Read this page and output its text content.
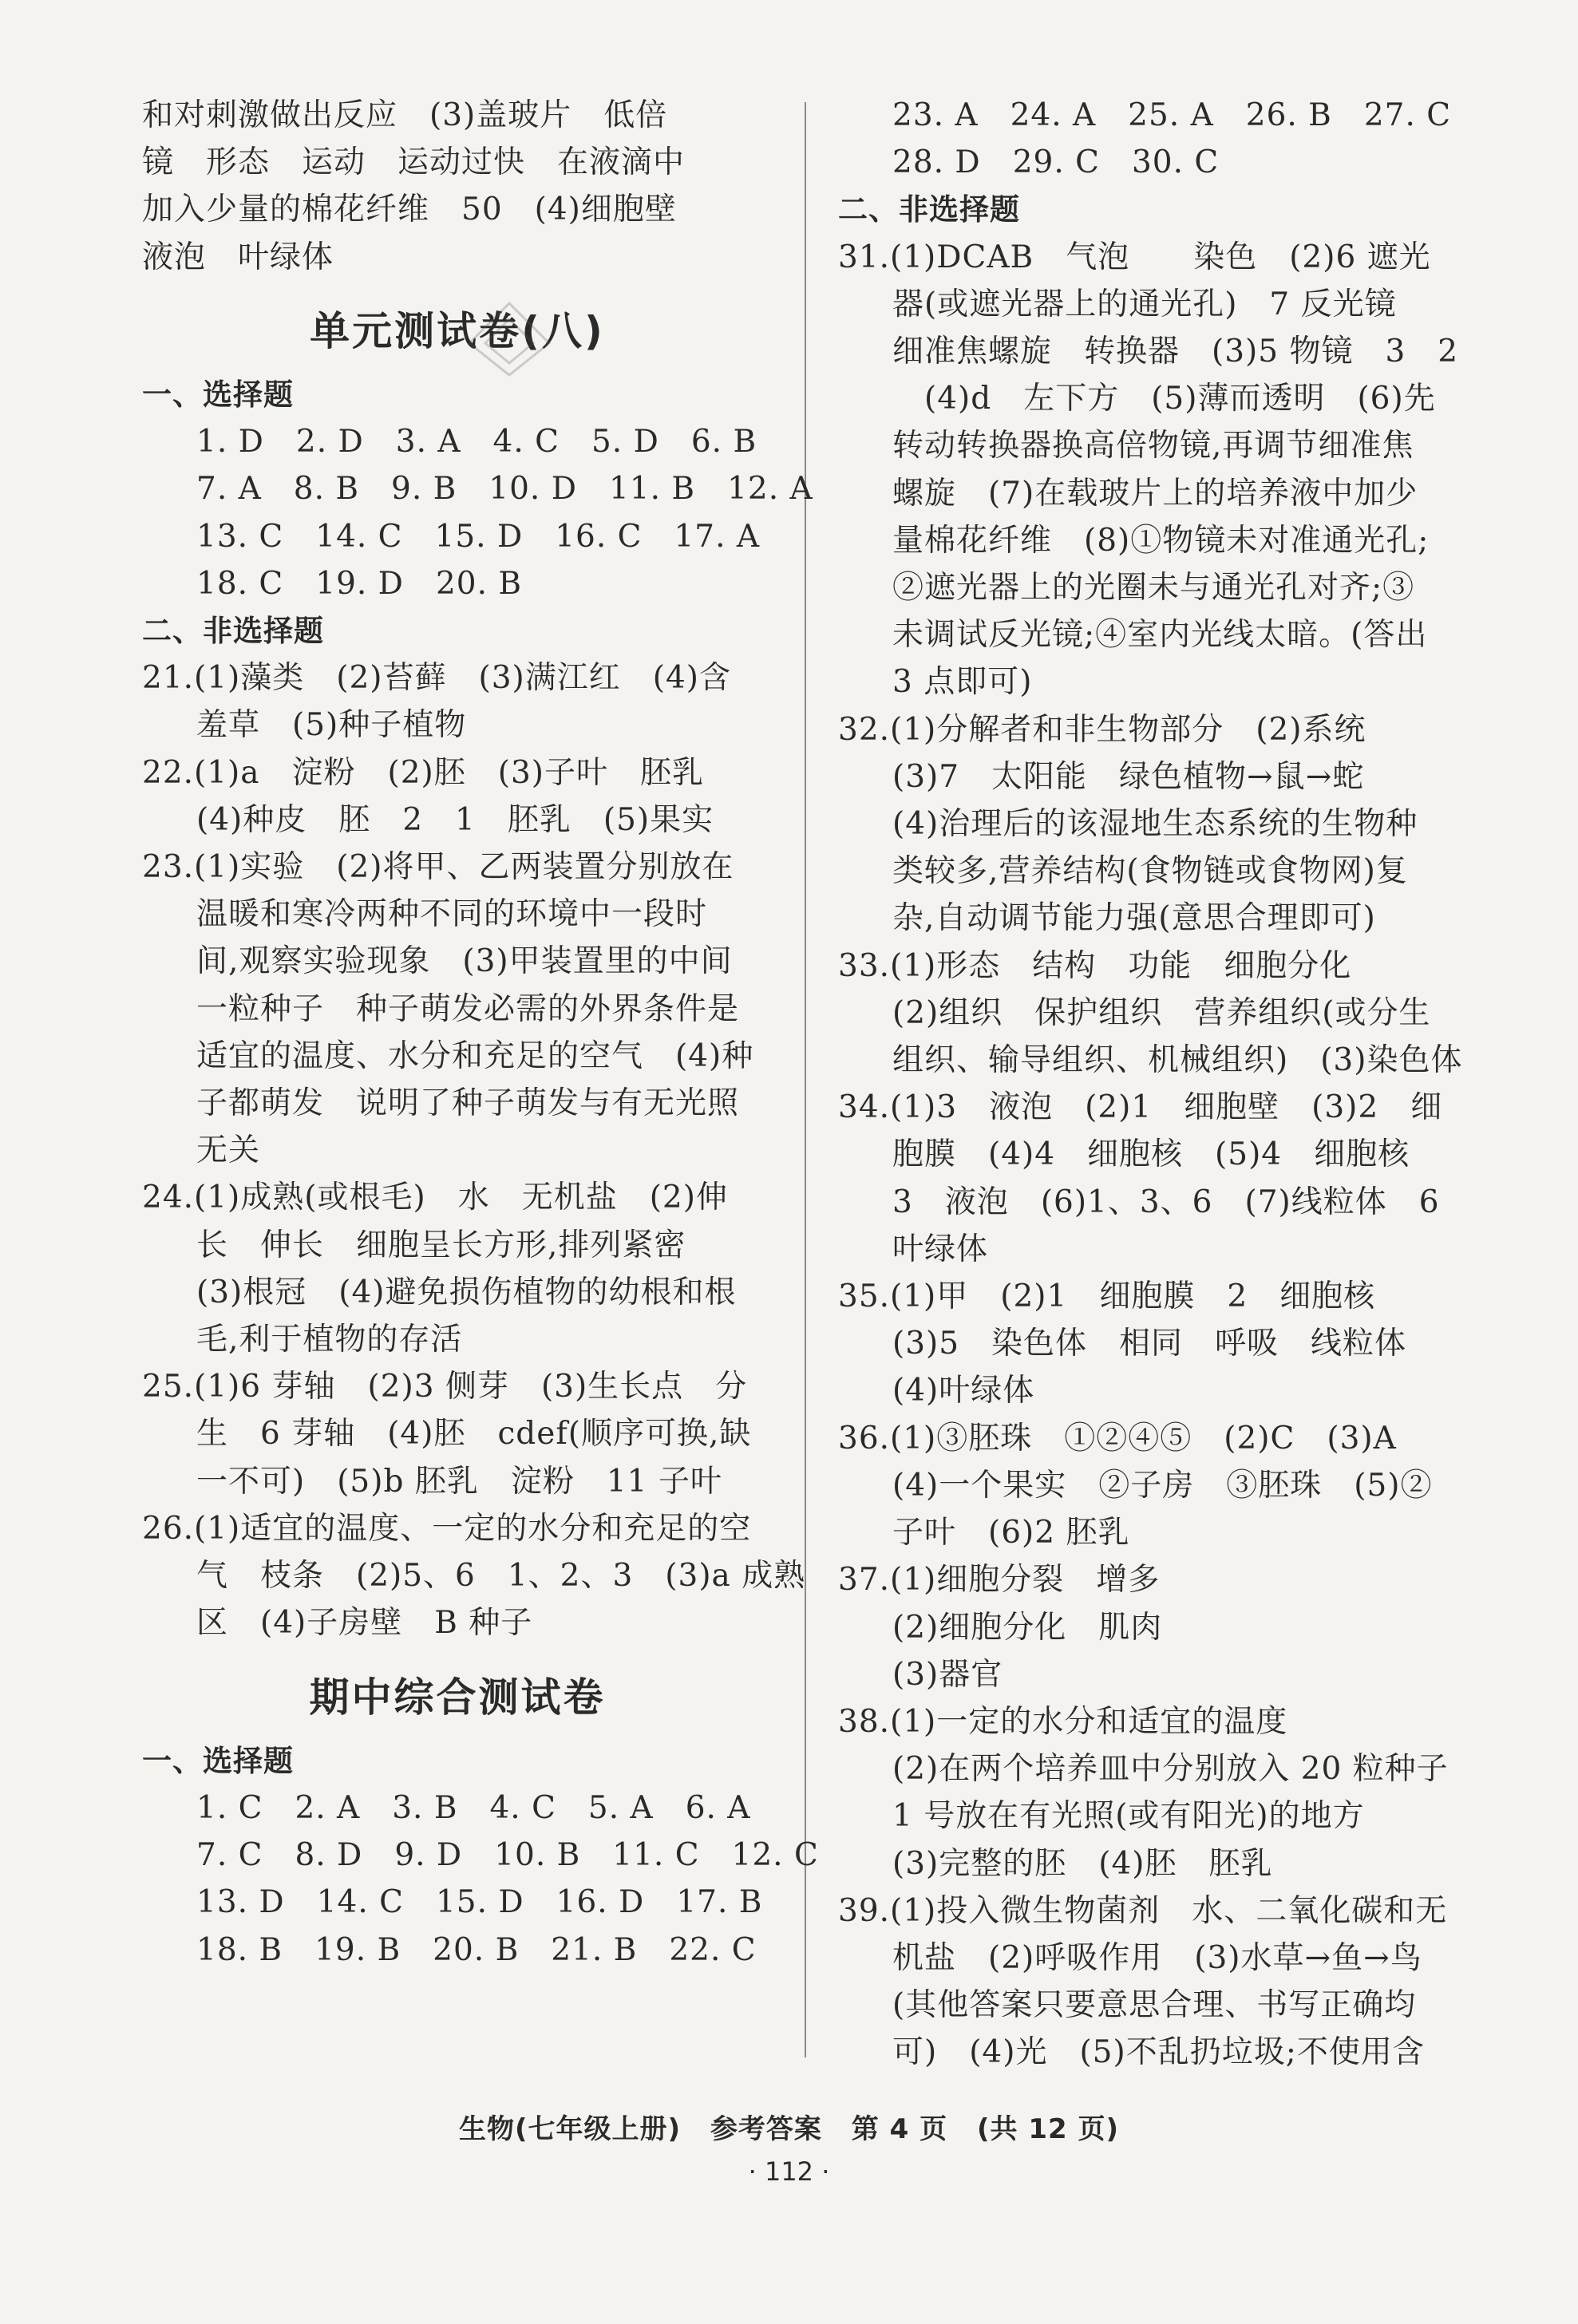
和对刺激做出反应　(3)盖玻片　低倍
镜　形态　运动　运动过快　在液滴中
加入少量的棉花纤维　50　(4)细胞壁
液泡　叶绿体
单元测试卷(八)
一、选择题
1. D　2. D　3. A　4. C　5. D　6. B
7. A　8. B　9. B　10. D　11. B　12. A
13. C　14. C　15. D　16. C　17. A
18. C　19. D　20. B
二、非选择题
21.(1)藻类　(2)苔藓　(3)满江红　(4)含
羞草　(5)种子植物
22.(1)a　淀粉　(2)胚　(3)子叶　胚乳
(4)种皮　胚　2　1　胚乳　(5)果实
23.(1)实验　(2)将甲、乙两装置分别放在
温暖和寒冷两种不同的环境中一段时
间,观察实验现象　(3)甲装置里的中间
一粒种子　种子萌发必需的外界条件是
适宜的温度、水分和充足的空气　(4)种
子都萌发　说明了种子萌发与有无光照
无关
24.(1)成熟(或根毛)　水　无机盐　(2)伸
长　伸长　细胞呈长方形,排列紧密
(3)根冠　(4)避免损伤植物的幼根和根
毛,利于植物的存活
25.(1)6 芽轴　(2)3 侧芽　(3)生长点　分
生　6 芽轴　(4)胚　cdef(顺序可换,缺
一不可)　(5)b 胚乳　淀粉　11 子叶
26.(1)适宜的温度、一定的水分和充足的空
气　枝条　(2)5、6　1、2、3　(3)a 成熟
区　(4)子房壁　B 种子
期中综合测试卷
一、选择题
1. C　2. A　3. B　4. C　5. A　6. A
7. C　8. D　9. D　10. B　11. C　12. C
13. D　14. C　15. D　16. D　17. B
18. B　19. B　20. B　21. B　22. C
23. A　24. A　25. A　26. B　27. C
28. D　29. C　30. C
二、非选择题
31.(1)DCAB　气泡　　染色　(2)6 遮光
器(或遮光器上的通光孔)　7 反光镜
细准焦螺旋　转换器　(3)5 物镜　3　2
　(4)d　左下方　(5)薄而透明　(6)先
转动转换器换高倍物镜,再调节细准焦
螺旋　(7)在载玻片上的培养液中加少
量棉花纤维　(8)①物镜未对准通光孔;
②遮光器上的光圈未与通光孔对齐;③
未调试反光镜;④室内光线太暗。(答出
3 点即可)
32.(1)分解者和非生物部分　(2)系统
(3)7　太阳能　绿色植物→鼠→蛇
(4)治理后的该湿地生态系统的生物种
类较多,营养结构(食物链或食物网)复
杂,自动调节能力强(意思合理即可)
33.(1)形态　结构　功能　细胞分化
(2)组织　保护组织　营养组织(或分生
组织、输导组织、机械组织)　(3)染色体
34.(1)3　液泡　(2)1　细胞壁　(3)2　细
胞膜　(4)4　细胞核　(5)4　细胞核
3　液泡　(6)1、3、6　(7)线粒体　6
叶绿体
35.(1)甲　(2)1　细胞膜　2　细胞核
(3)5　染色体　相同　呼吸　线粒体
(4)叶绿体
36.(1)③胚珠　①②④⑤　(2)C　(3)A
(4)一个果实　②子房　③胚珠　(5)②
子叶　(6)2 胚乳
37.(1)细胞分裂　增多
(2)细胞分化　肌肉
(3)器官
38.(1)一定的水分和适宜的温度
(2)在两个培养皿中分别放入 20 粒种子
1 号放在有光照(或有阳光)的地方
(3)完整的胚　(4)胚　胚乳
39.(1)投入微生物菌剂　水、二氧化碳和无
机盐　(2)呼吸作用　(3)水草→鱼→鸟
(其他答案只要意思合理、书写正确均
可)　(4)光　(5)不乱扔垃圾;不使用含
生物(七年级上册) 参考答案 第 4 页 (共 12 页)
· 112 ·
